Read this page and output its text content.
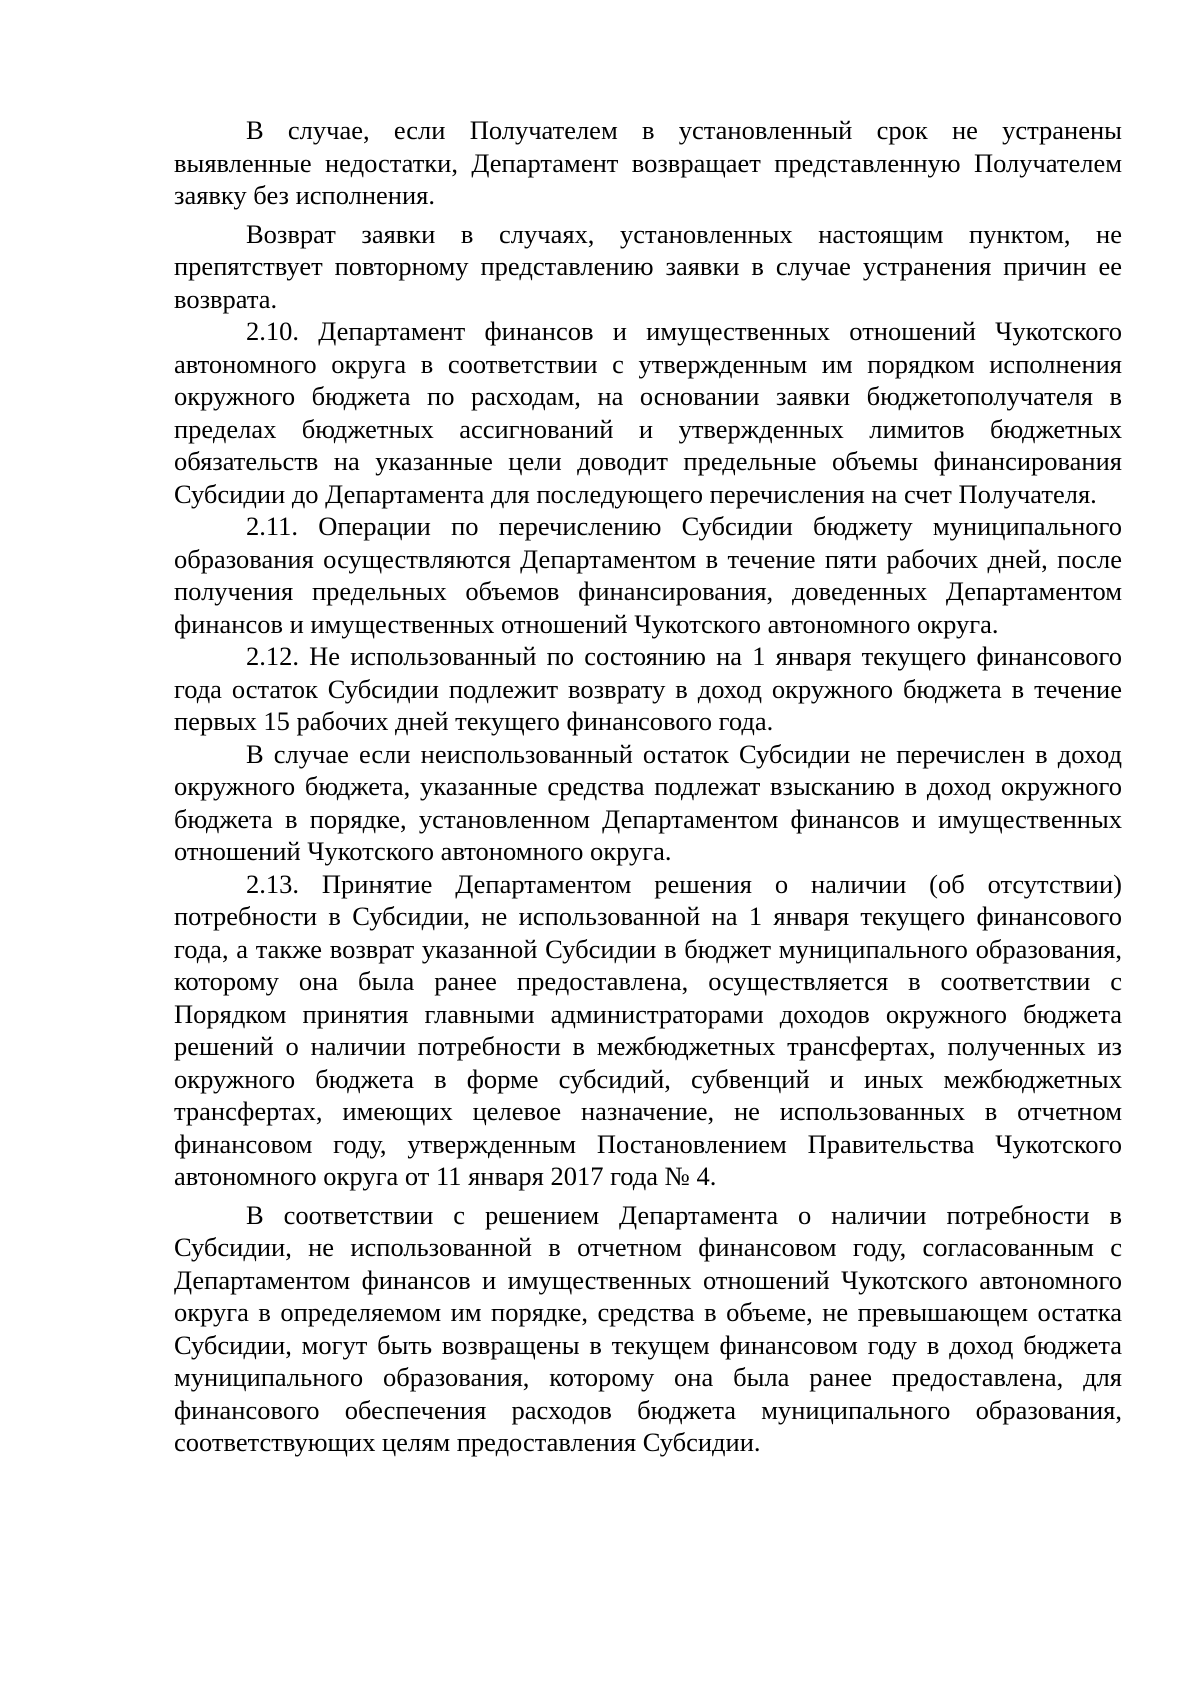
В случае, если Получателем в установленный срок не устранены выявленные недостатки, Департамент возвращает представленную Получателем заявку без исполнения.

Возврат заявки в случаях, установленных настоящим пунктом, не препятствует повторному представлению заявки в случае устранения причин ее возврата.

2.10. Департамент финансов и имущественных отношений Чукотского автономного округа в соответствии с утвержденным им порядком исполнения окружного бюджета по расходам, на основании заявки бюджетополучателя в пределах бюджетных ассигнований и утвержденных лимитов бюджетных обязательств на указанные цели доводит предельные объемы финансирования Субсидии до Департамента для последующего перечисления на счет Получателя.

2.11. Операции по перечислению Субсидии бюджету муниципального образования осуществляются Департаментом в течение пяти рабочих дней, после получения предельных объемов финансирования, доведенных Департаментом финансов и имущественных отношений Чукотского автономного округа.

2.12. Не использованный по состоянию на 1 января текущего финансового года остаток Субсидии подлежит возврату в доход окружного бюджета в течение первых 15 рабочих дней текущего финансового года.

В случае если неиспользованный остаток Субсидии не перечислен в доход окружного бюджета, указанные средства подлежат взысканию в доход окружного бюджета в порядке, установленном Департаментом финансов и имущественных отношений Чукотского автономного округа.

2.13. Принятие Департаментом решения о наличии (об отсутствии) потребности в Субсидии, не использованной на 1 января текущего финансового года, а также возврат указанной Субсидии в бюджет муниципального образования, которому она была ранее предоставлена, осуществляется в соответствии с Порядком принятия главными администраторами доходов окружного бюджета решений о наличии потребности в межбюджетных трансфертах, полученных из окружного бюджета в форме субсидий, субвенций и иных межбюджетных трансфертах, имеющих целевое назначение, не использованных в отчетном финансовом году, утвержденным Постановлением Правительства Чукотского автономного округа от 11 января 2017 года № 4.

В соответствии с решением Департамента о наличии потребности в Субсидии, не использованной в отчетном финансовом году, согласованным с Департаментом финансов и имущественных отношений Чукотского автономного округа в определяемом им порядке, средства в объеме, не превышающем остатка Субсидии, могут быть возвращены в текущем финансовом году в доход бюджета муниципального образования, которому она была ранее предоставлена, для финансового обеспечения расходов бюджета муниципального образования, соответствующих целям предоставления Субсидии.
